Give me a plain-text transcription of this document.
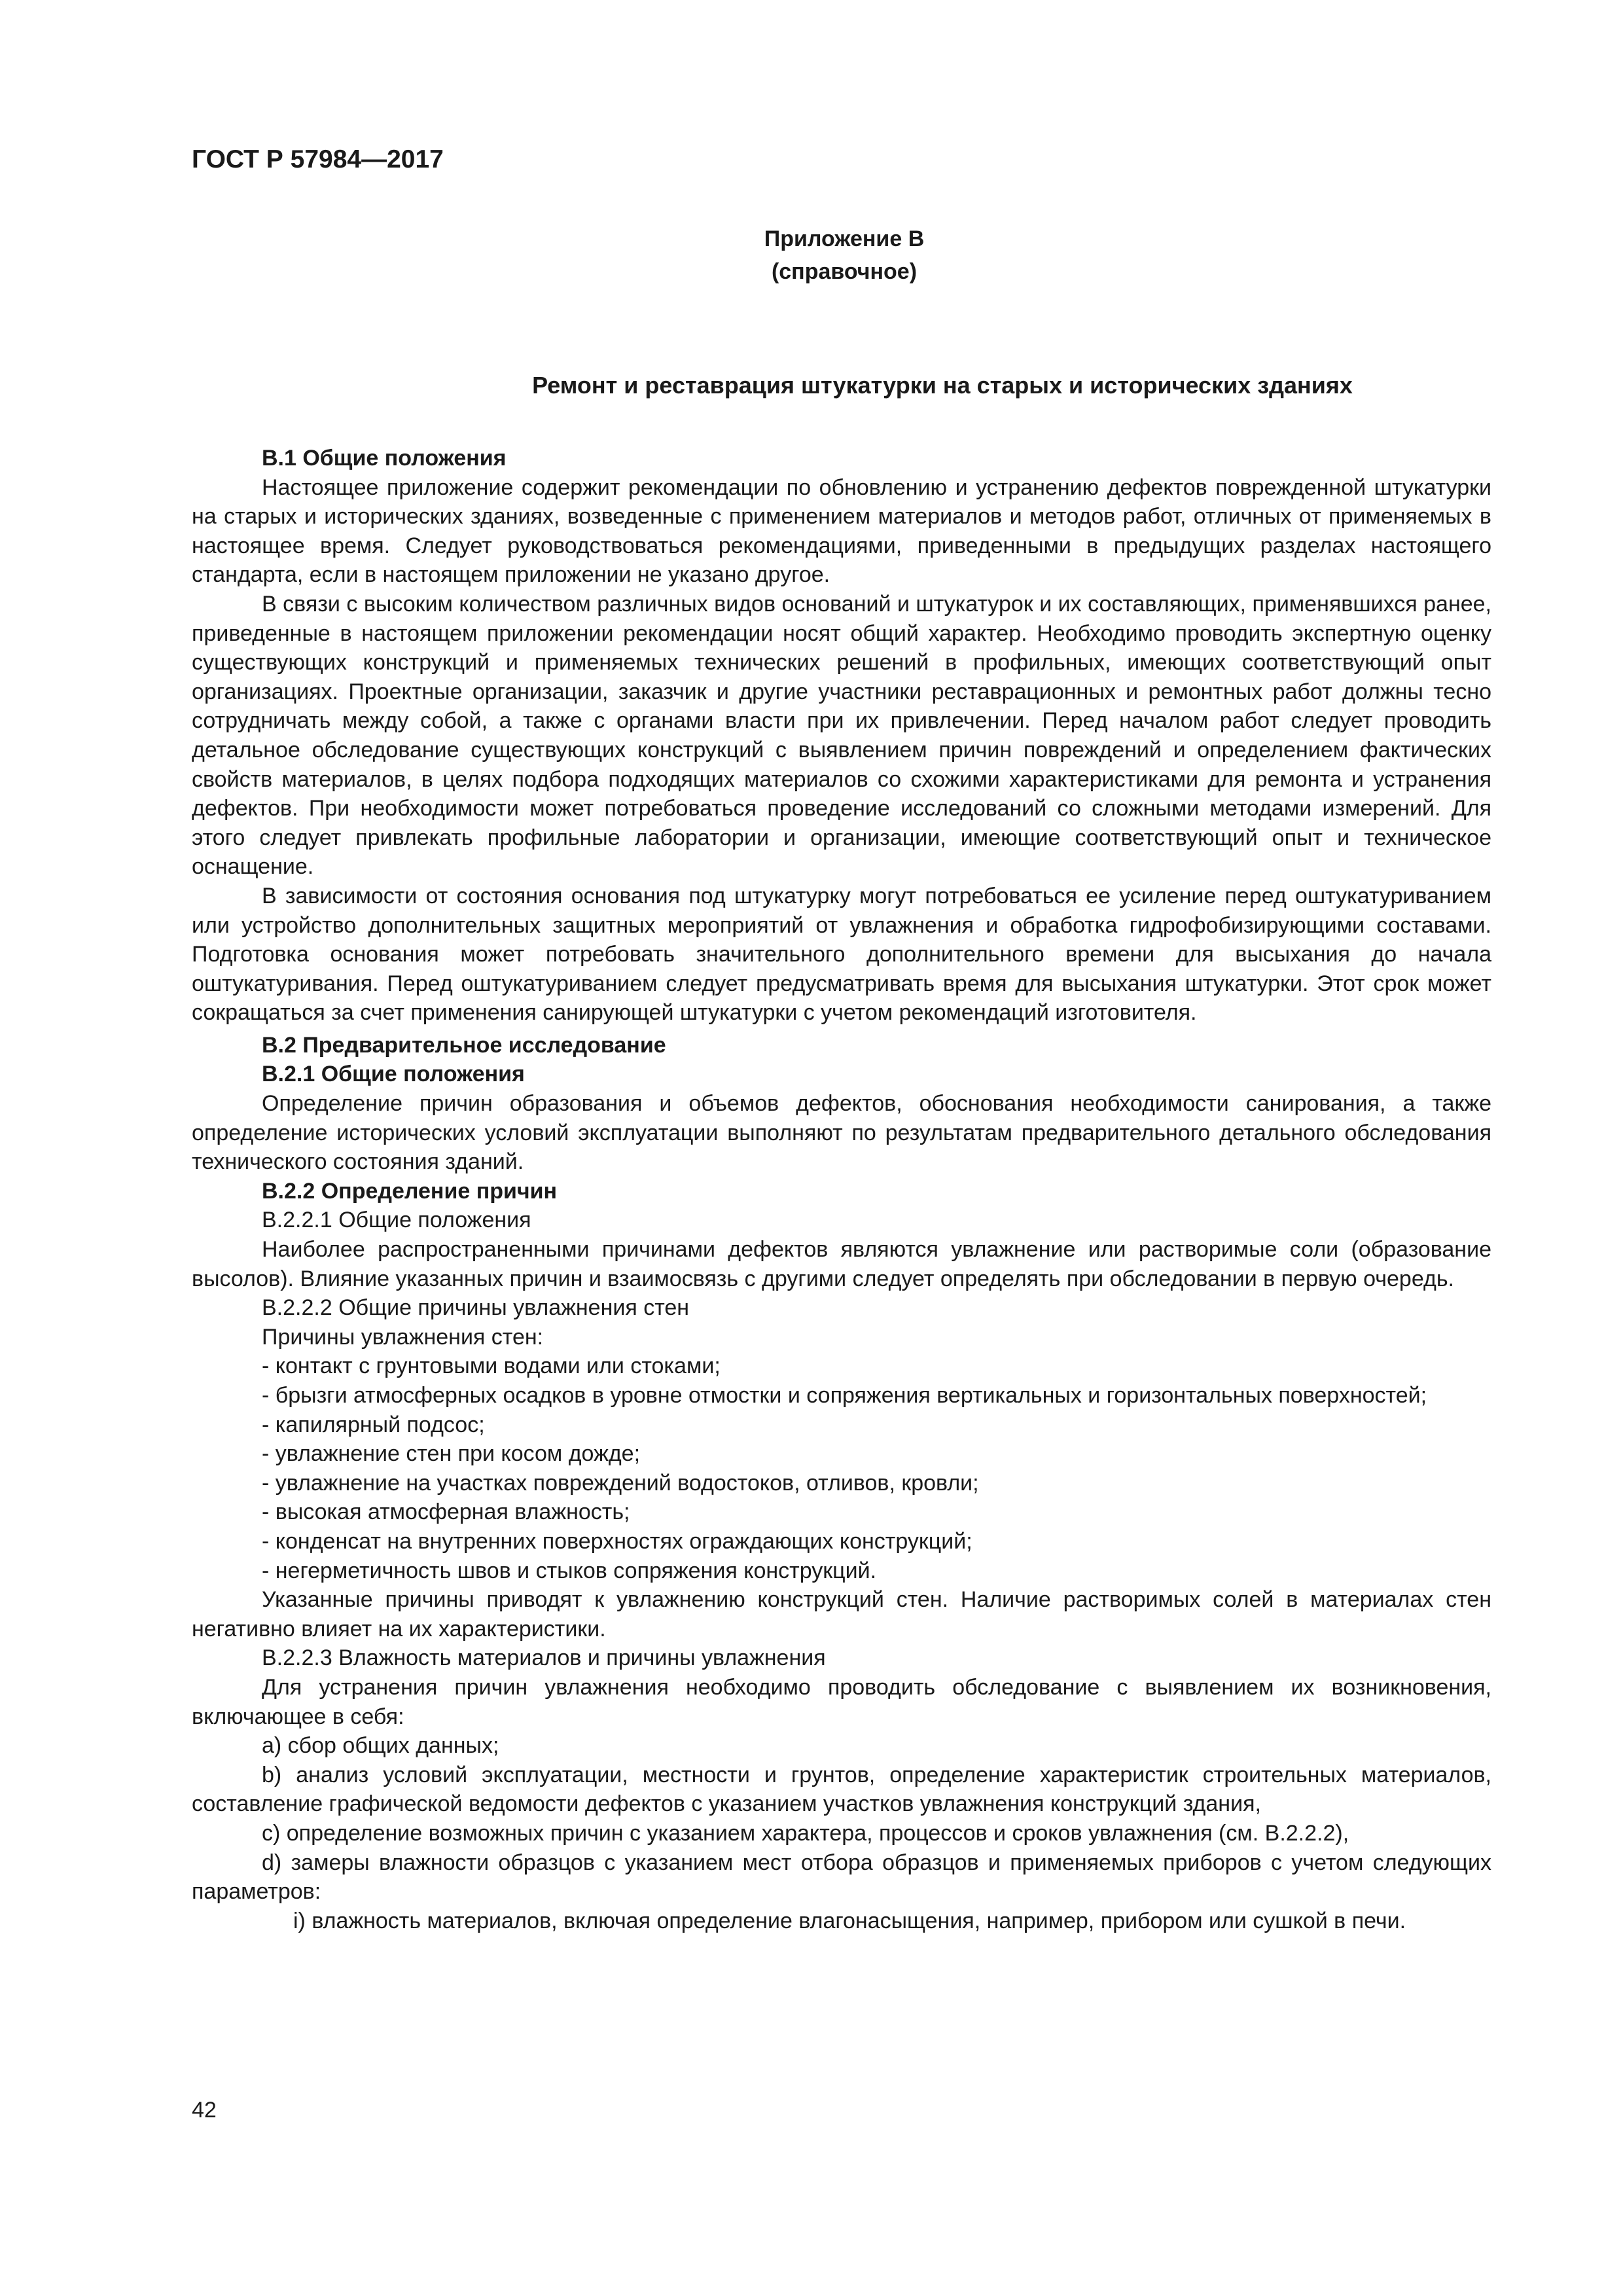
ГОСТ Р 57984—2017
Приложение В
(справочное)
Ремонт и реставрация штукатурки на старых и исторических зданиях
В.1 Общие положения
Настоящее приложение содержит рекомендации по обновлению и устранению дефектов поврежденной штукатурки на старых и исторических зданиях, возведенные с применением материалов и методов работ, отличных от применяемых в настоящее время. Следует руководствоваться рекомендациями, приведенными в предыдущих разделах настоящего стандарта, если в настоящем приложении не указано другое.
В связи с высоким количеством различных видов оснований и штукатурок и их составляющих, применявшихся ранее, приведенные в настоящем приложении рекомендации носят общий характер. Необходимо проводить экспертную оценку существующих конструкций и применяемых технических решений в профильных, имеющих соответствующий опыт организациях. Проектные организации, заказчик и другие участники реставрационных и ремонтных работ должны тесно сотрудничать между собой, а также с органами власти при их привлечении. Перед началом работ следует проводить детальное обследование существующих конструкций с выявлением причин повреждений и определением фактических свойств материалов, в целях подбора подходящих материалов со схожими характеристиками для ремонта и устранения дефектов. При необходимости может потребоваться проведение исследований со сложными методами измерений. Для этого следует привлекать профильные лаборатории и организации, имеющие соответствующий опыт и техническое оснащение.
В зависимости от состояния основания под штукатурку могут потребоваться ее усиление перед оштукатуриванием или устройство дополнительных защитных мероприятий от увлажнения и обработка гидрофобизирующими составами. Подготовка основания может потребовать значительного дополнительного времени для высыхания до начала оштукатуривания. Перед оштукатуриванием следует предусматривать время для высыхания штукатурки. Этот срок может сокращаться за счет применения санирующей штукатурки с учетом рекомендаций изготовителя.
В.2 Предварительное исследование
В.2.1 Общие положения
Определение причин образования и объемов дефектов, обоснования необходимости санирования, а также определение исторических условий эксплуатации выполняют по результатам предварительного детального обследования технического состояния зданий.
В.2.2 Определение причин
В.2.2.1 Общие положения
Наиболее распространенными причинами дефектов являются увлажнение или растворимые соли (образование высолов). Влияние указанных причин и взаимосвязь с другими следует определять при обследовании в первую очередь.
В.2.2.2 Общие причины увлажнения стен
Причины увлажнения стен:
- контакт с грунтовыми водами или стоками;
- брызги атмосферных осадков в уровне отмостки и сопряжения вертикальных и горизонтальных поверхностей;
- капилярный подсос;
- увлажнение стен при косом дожде;
- увлажнение на участках повреждений водостоков, отливов, кровли;
- высокая атмосферная влажность;
- конденсат на внутренних поверхностях ограждающих конструкций;
- негерметичность швов и стыков сопряжения конструкций.
Указанные причины приводят к увлажнению конструкций стен. Наличие растворимых солей в материалах стен негативно влияет на их характеристики.
В.2.2.3 Влажность материалов и причины увлажнения
Для устранения причин увлажнения необходимо проводить обследование с выявлением их возникновения, включающее в себя:
a) сбор общих данных;
b) анализ условий эксплуатации, местности и грунтов, определение характеристик строительных материалов, составление графической ведомости дефектов с указанием участков увлажнения конструкций здания,
c) определение возможных причин с указанием характера, процессов и сроков увлажнения (см. В.2.2.2),
d) замеры влажности образцов с указанием мест отбора образцов и применяемых приборов с учетом следующих параметров:
i) влажность материалов, включая определение влагонасыщения, например, прибором или сушкой в печи.
42
